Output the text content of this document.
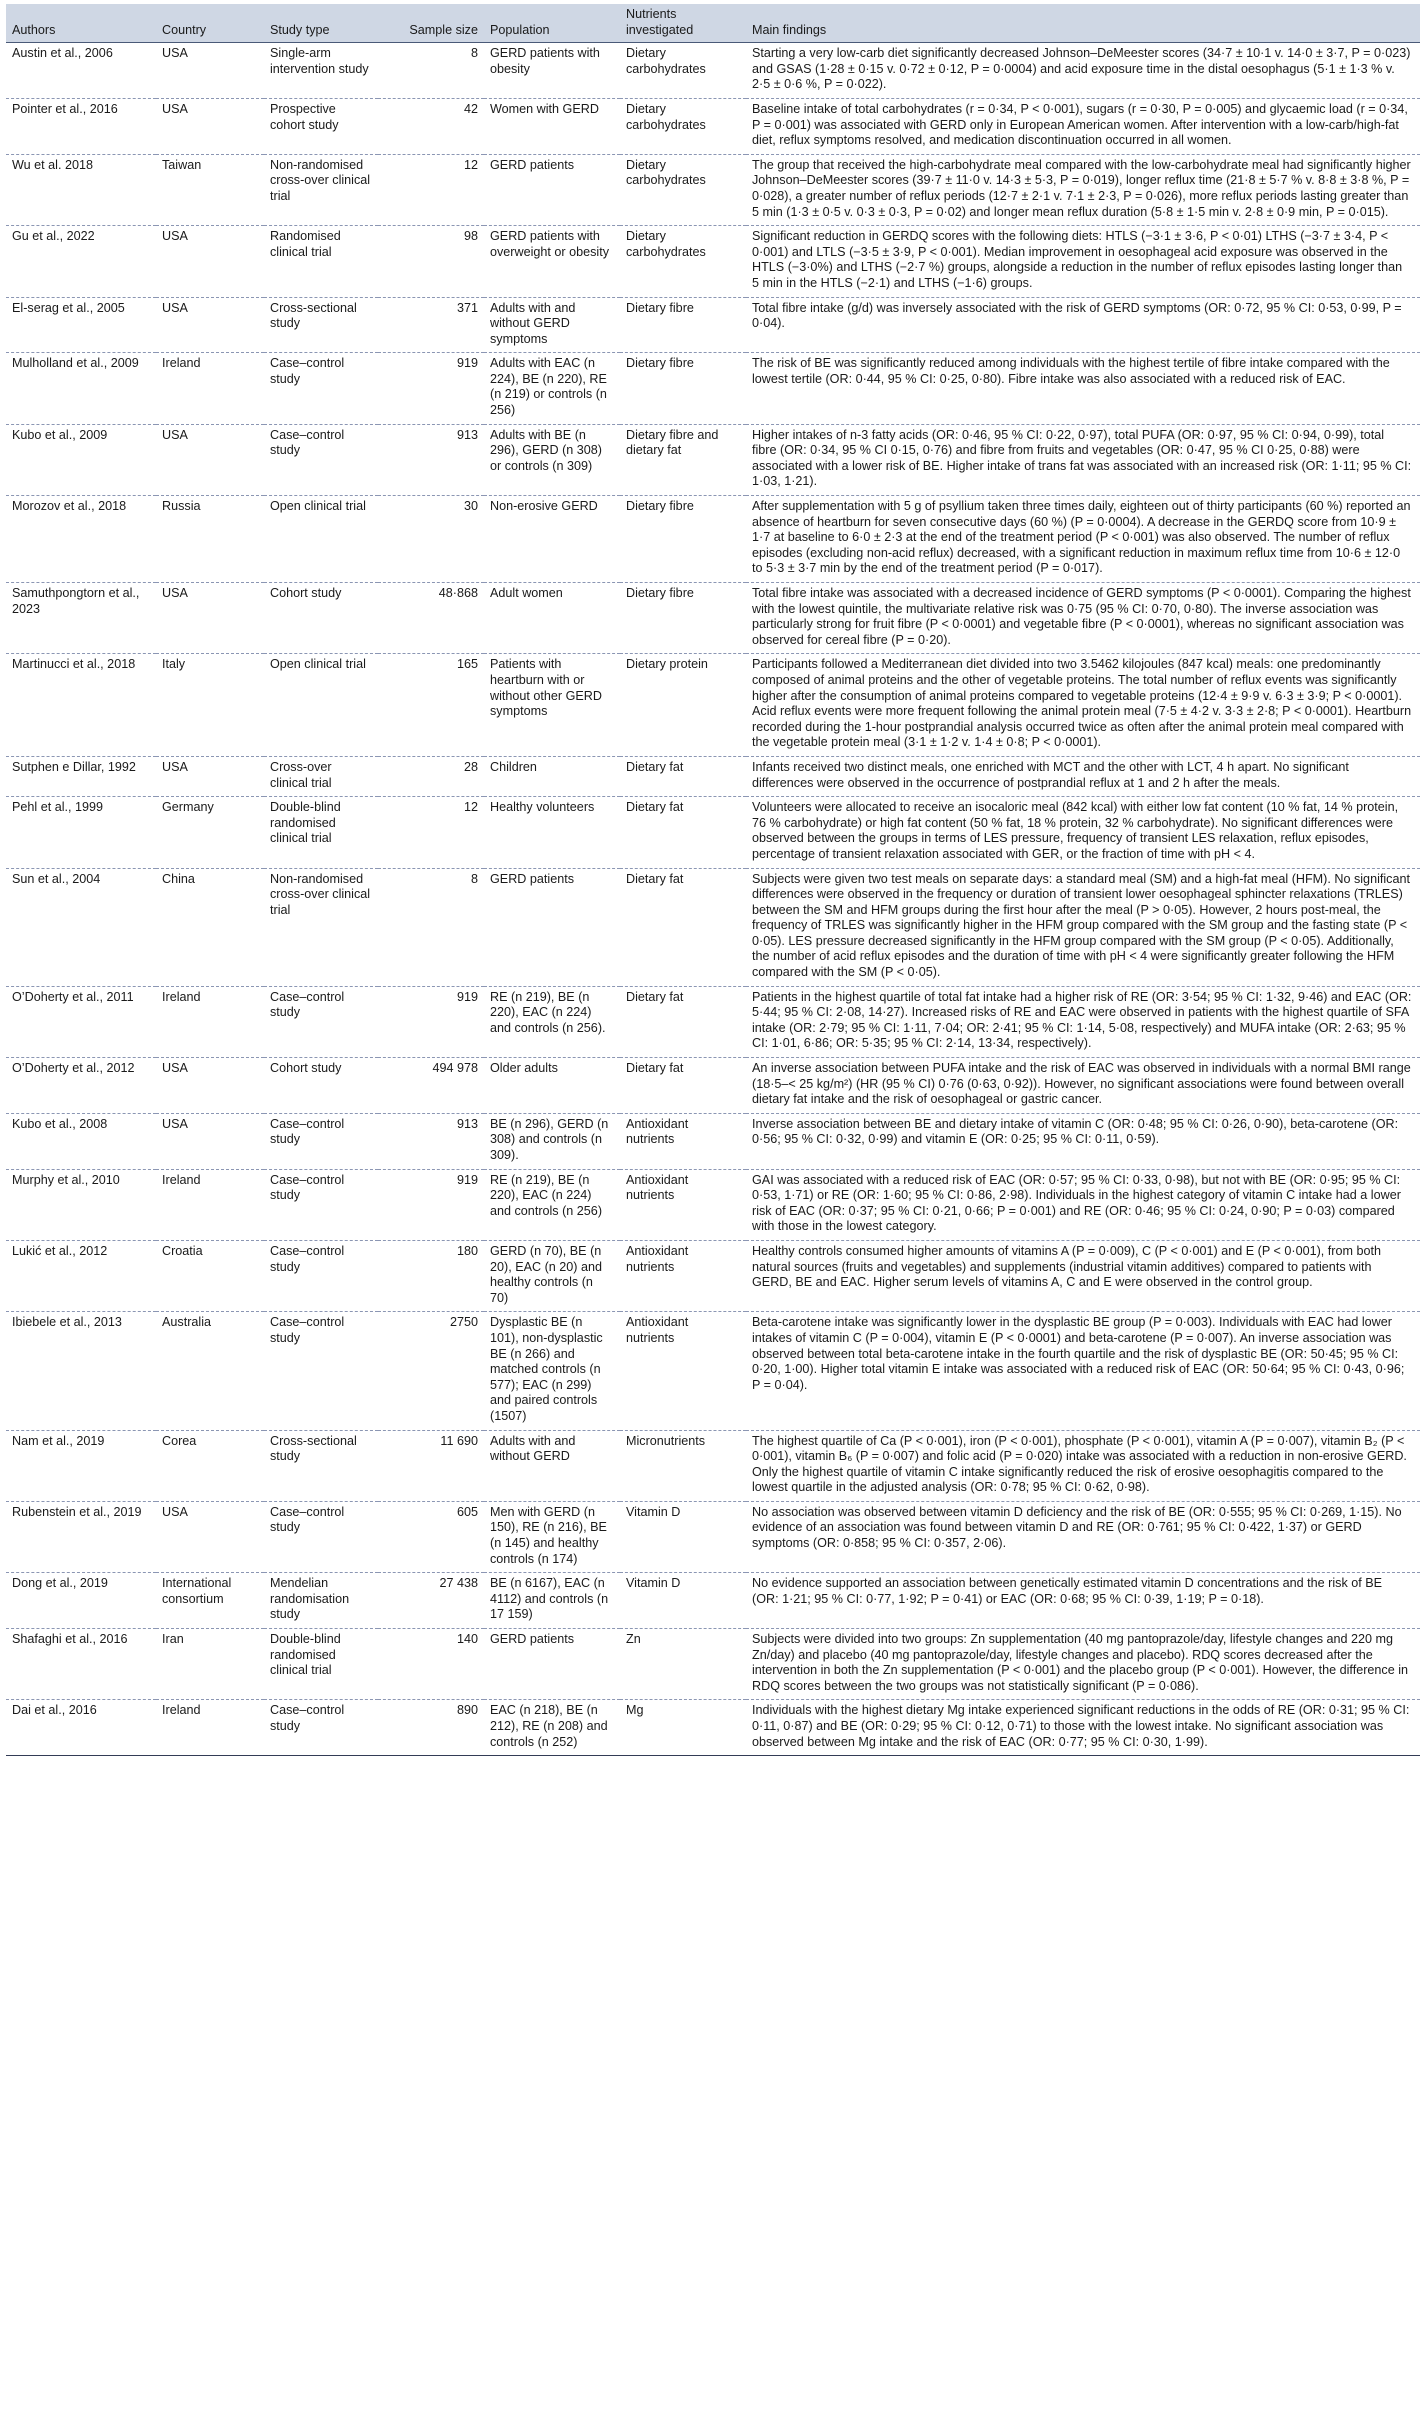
Authors	Country	Study type	Sample size	Population	Nutrients investigated	Main findings
Austin et al., 2006	USA	Single-arm intervention study	8	GERD patients with obesity	Dietary carbohydrates	Starting a very low-carb diet significantly decreased Johnson–DeMeester scores (34·7 ± 10·1 v. 14·0 ± 3·7, P = 0·023) and GSAS (1·28 ± 0·15 v. 0·72 ± 0·12, P = 0·0004) and acid exposure time in the distal oesophagus (5·1 ± 1·3 % v. 2·5 ± 0·6 %, P = 0·022).
Pointer et al., 2016	USA	Prospective cohort study	42	Women with GERD	Dietary carbohydrates	Baseline intake of total carbohydrates (r = 0·34, P < 0·001), sugars (r = 0·30, P = 0·005) and glycaemic load (r = 0·34, P = 0·001) was associated with GERD only in European American women. After intervention with a low-carb/high-fat diet, reflux symptoms resolved, and medication discontinuation occurred in all women.
Wu et al. 2018	Taiwan	Non-randomised cross-over clinical trial	12	GERD patients	Dietary carbohydrates	The group that received the high-carbohydrate meal compared with the low-carbohydrate meal had significantly higher Johnson–DeMeester scores (39·7 ± 11·0 v. 14·3 ± 5·3, P = 0·019), longer reflux time (21·8 ± 5·7 % v. 8·8 ± 3·8 %, P = 0·028), a greater number of reflux periods (12·7 ± 2·1 v. 7·1 ± 2·3, P = 0·026), more reflux periods lasting greater than 5 min (1·3 ± 0·5 v. 0·3 ± 0·3, P = 0·02) and longer mean reflux duration (5·8 ± 1·5 min v. 2·8 ± 0·9 min, P = 0·015).
Gu et al., 2022	USA	Randomised clinical trial	98	GERD patients with overweight or obesity	Dietary carbohydrates	Significant reduction in GERDQ scores with the following diets: HTLS (−3·1 ± 3·6, P < 0·01) LTHS (−3·7 ± 3·4, P < 0·001) and LTLS (−3·5 ± 3·9, P < 0·001). Median improvement in oesophageal acid exposure was observed in the HTLS (−3·0%) and LTHS (−2·7 %) groups, alongside a reduction in the number of reflux episodes lasting longer than 5 min in the HTLS (−2·1) and LTHS (−1·6) groups.
El-serag et al., 2005	USA	Cross-sectional study	371	Adults with and without GERD symptoms	Dietary fibre	Total fibre intake (g/d) was inversely associated with the risk of GERD symptoms (OR: 0·72, 95 % CI: 0·53, 0·99, P = 0·04).
Mulholland et al., 2009	Ireland	Case–control study	919	Adults with EAC (n 224), BE (n 220), RE (n 219) or controls (n 256)	Dietary fibre	The risk of BE was significantly reduced among individuals with the highest tertile of fibre intake compared with the lowest tertile (OR: 0·44, 95 % CI: 0·25, 0·80). Fibre intake was also associated with a reduced risk of EAC.
Kubo et al., 2009	USA	Case–control study	913	Adults with BE (n 296), GERD (n 308) or controls (n 309)	Dietary fibre and dietary fat	Higher intakes of n-3 fatty acids (OR: 0·46, 95 % CI: 0·22, 0·97), total PUFA (OR: 0·97, 95 % CI: 0·94, 0·99), total fibre (OR: 0·34, 95 % CI 0·15, 0·76) and fibre from fruits and vegetables (OR: 0·47, 95 % CI 0·25, 0·88) were associated with a lower risk of BE. Higher intake of trans fat was associated with an increased risk (OR: 1·11; 95 % CI: 1·03, 1·21).
Morozov et al., 2018	Russia	Open clinical trial	30	Non-erosive GERD	Dietary fibre	After supplementation with 5 g of psyllium taken three times daily, eighteen out of thirty participants (60 %) reported an absence of heartburn for seven consecutive days (60 %) (P = 0·0004). A decrease in the GERDQ score from 10·9 ± 1·7 at baseline to 6·0 ± 2·3 at the end of the treatment period (P < 0·001) was also observed. The number of reflux episodes (excluding non-acid reflux) decreased, with a significant reduction in maximum reflux time from 10·6 ± 12·0 to 5·3 ± 3·7 min by the end of the treatment period (P = 0·017).
Samuthpongtorn et al., 2023	USA	Cohort study	48·868	Adult women	Dietary fibre	Total fibre intake was associated with a decreased incidence of GERD symptoms (P < 0·0001). Comparing the highest with the lowest quintile, the multivariate relative risk was 0·75 (95 % CI: 0·70, 0·80). The inverse association was particularly strong for fruit fibre (P < 0·0001) and vegetable fibre (P < 0·0001), whereas no significant association was observed for cereal fibre (P = 0·20).
Martinucci et al., 2018	Italy	Open clinical trial	165	Patients with heartburn with or without other GERD symptoms	Dietary protein	Participants followed a Mediterranean diet divided into two 3.5462 kilojoules (847 kcal) meals: one predominantly composed of animal proteins and the other of vegetable proteins. The total number of reflux events was significantly higher after the consumption of animal proteins compared to vegetable proteins (12·4 ± 9·9 v. 6·3 ± 3·9; P < 0·0001). Acid reflux events were more frequent following the animal protein meal (7·5 ± 4·2 v. 3·3 ± 2·8; P < 0·0001). Heartburn recorded during the 1-hour postprandial analysis occurred twice as often after the animal protein meal compared with the vegetable protein meal (3·1 ± 1·2 v. 1·4 ± 0·8; P < 0·0001).
Sutphen e Dillar, 1992	USA	Cross-over clinical trial	28	Children	Dietary fat	Infants received two distinct meals, one enriched with MCT and the other with LCT, 4 h apart. No significant differences were observed in the occurrence of postprandial reflux at 1 and 2 h after the meals.
Pehl et al., 1999	Germany	Double-blind randomised clinical trial	12	Healthy volunteers	Dietary fat	Volunteers were allocated to receive an isocaloric meal (842 kcal) with either low fat content (10 % fat, 14 % protein, 76 % carbohydrate) or high fat content (50 % fat, 18 % protein, 32 % carbohydrate). No significant differences were observed between the groups in terms of LES pressure, frequency of transient LES relaxation, reflux episodes, percentage of transient relaxation associated with GER, or the fraction of time with pH < 4.
Sun et al., 2004	China	Non-randomised cross-over clinical trial	8	GERD patients	Dietary fat	Subjects were given two test meals on separate days: a standard meal (SM) and a high-fat meal (HFM). No significant differences were observed in the frequency or duration of transient lower oesophageal sphincter relaxations (TRLES) between the SM and HFM groups during the first hour after the meal (P > 0·05). However, 2 hours post-meal, the frequency of TRLES was significantly higher in the HFM group compared with the SM group and the fasting state (P < 0·05). LES pressure decreased significantly in the HFM group compared with the SM group (P < 0·05). Additionally, the number of acid reflux episodes and the duration of time with pH < 4 were significantly greater following the HFM compared with the SM (P < 0·05).
O’Doherty et al., 2011	Ireland	Case–control study	919	RE (n 219), BE (n 220), EAC (n 224) and controls (n 256).	Dietary fat	Patients in the highest quartile of total fat intake had a higher risk of RE (OR: 3·54; 95 % CI: 1·32, 9·46) and EAC (OR: 5·44; 95 % CI: 2·08, 14·27). Increased risks of RE and EAC were observed in patients with the highest quartile of SFA intake (OR: 2·79; 95 % CI: 1·11, 7·04; OR: 2·41; 95 % CI: 1·14, 5·08, respectively) and MUFA intake (OR: 2·63; 95 % CI: 1·01, 6·86; OR: 5·35; 95 % CI: 2·14, 13·34, respectively).
O’Doherty et al., 2012	USA	Cohort study	494 978	Older adults	Dietary fat	An inverse association between PUFA intake and the risk of EAC was observed in individuals with a normal BMI range (18·5–< 25 kg/m²) (HR (95 % CI) 0·76 (0·63, 0·92)). However, no significant associations were found between overall dietary fat intake and the risk of oesophageal or gastric cancer.
Kubo et al., 2008	USA	Case–control study	913	BE (n 296), GERD (n 308) and controls (n 309).	Antioxidant nutrients	Inverse association between BE and dietary intake of vitamin C (OR: 0·48; 95 % CI: 0·26, 0·90), beta-carotene (OR: 0·56; 95 % CI: 0·32, 0·99) and vitamin E (OR: 0·25; 95 % CI: 0·11, 0·59).
Murphy et al., 2010	Ireland	Case–control study	919	RE (n 219), BE (n 220), EAC (n 224) and controls (n 256)	Antioxidant nutrients	GAI was associated with a reduced risk of EAC (OR: 0·57; 95 % CI: 0·33, 0·98), but not with BE (OR: 0·95; 95 % CI: 0·53, 1·71) or RE (OR: 1·60; 95 % CI: 0·86, 2·98). Individuals in the highest category of vitamin C intake had a lower risk of EAC (OR: 0·37; 95 % CI: 0·21, 0·66; P = 0·001) and RE (OR: 0·46; 95 % CI: 0·24, 0·90; P = 0·03) compared with those in the lowest category.
Lukić et al., 2012	Croatia	Case–control study	180	GERD (n 70), BE (n 20), EAC (n 20) and healthy controls (n 70)	Antioxidant nutrients	Healthy controls consumed higher amounts of vitamins A (P = 0·009), C (P < 0·001) and E (P < 0·001), from both natural sources (fruits and vegetables) and supplements (industrial vitamin additives) compared to patients with GERD, BE and EAC. Higher serum levels of vitamins A, C and E were observed in the control group.
Ibiebele et al., 2013	Australia	Case–control study	2750	Dysplastic BE (n 101), non-dysplastic BE (n 266) and matched controls (n 577); EAC (n 299) and paired controls (1507)	Antioxidant nutrients	Beta-carotene intake was significantly lower in the dysplastic BE group (P = 0·003). Individuals with EAC had lower intakes of vitamin C (P = 0·004), vitamin E (P < 0·0001) and beta-carotene (P = 0·007). An inverse association was observed between total beta-carotene intake in the fourth quartile and the risk of dysplastic BE (OR: 50·45; 95 % CI: 0·20, 1·00). Higher total vitamin E intake was associated with a reduced risk of EAC (OR: 50·64; 95 % CI: 0·43, 0·96; P = 0·04).
Nam et al., 2019	Corea	Cross-sectional study	11 690	Adults with and without GERD	Micronutrients	The highest quartile of Ca (P < 0·001), iron (P < 0·001), phosphate (P < 0·001), vitamin A (P = 0·007), vitamin B₂ (P < 0·001), vitamin B₆ (P = 0·007) and folic acid (P = 0·020) intake was associated with a reduction in non-erosive GERD. Only the highest quartile of vitamin C intake significantly reduced the risk of erosive oesophagitis compared to the lowest quartile in the adjusted analysis (OR: 0·78; 95 % CI: 0·62, 0·98).
Rubenstein et al., 2019	USA	Case–control study	605	Men with GERD (n 150), RE (n 216), BE (n 145) and healthy controls (n 174)	Vitamin D	No association was observed between vitamin D deficiency and the risk of BE (OR: 0·555; 95 % CI: 0·269, 1·15). No evidence of an association was found between vitamin D and RE (OR: 0·761; 95 % CI: 0·422, 1·37) or GERD symptoms (OR: 0·858; 95 % CI: 0·357, 2·06).
Dong et al., 2019	International consortium	Mendelian randomisation study	27 438	BE (n 6167), EAC (n 4112) and controls (n 17 159)	Vitamin D	No evidence supported an association between genetically estimated vitamin D concentrations and the risk of BE (OR: 1·21; 95 % CI: 0·77, 1·92; P = 0·41) or EAC (OR: 0·68; 95 % CI: 0·39, 1·19; P = 0·18).
Shafaghi et al., 2016	Iran	Double-blind randomised clinical trial	140	GERD patients	Zn	Subjects were divided into two groups: Zn supplementation (40 mg pantoprazole/day, lifestyle changes and 220 mg Zn/day) and placebo (40 mg pantoprazole/day, lifestyle changes and placebo). RDQ scores decreased after the intervention in both the Zn supplementation (P < 0·001) and the placebo group (P < 0·001). However, the difference in RDQ scores between the two groups was not statistically significant (P = 0·086).
Dai et al., 2016	Ireland	Case–control study	890	EAC (n 218), BE (n 212), RE (n 208) and controls (n 252)	Mg	Individuals with the highest dietary Mg intake experienced significant reductions in the odds of RE (OR: 0·31; 95 % CI: 0·11, 0·87) and BE (OR: 0·29; 95 % CI: 0·12, 0·71) to those with the lowest intake. No significant association was observed between Mg intake and the risk of EAC (OR: 0·77; 95 % CI: 0·30, 1·99).
